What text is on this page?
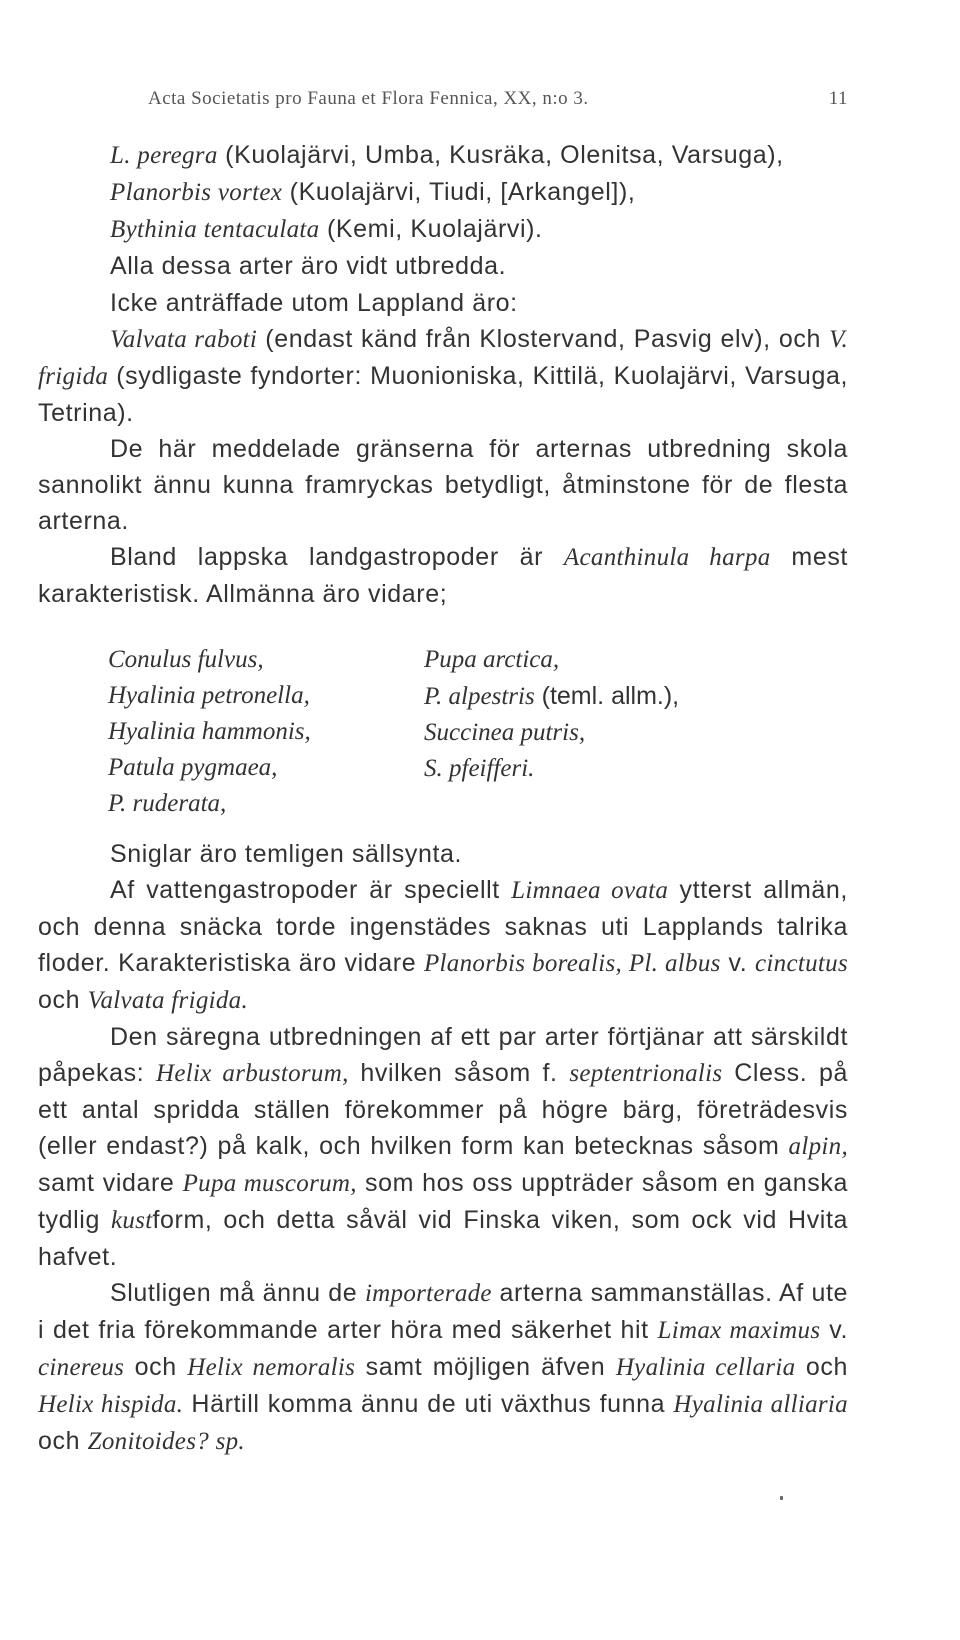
Acta Societatis pro Fauna et Flora Fennica, XX, n:o 3.	11

L. peregra (Kuolajärvi, Umba, Kusräka, Olenitsa, Varsuga),

Planorbis vortex (Kuolajärvi, Tiudi, [Arkangel]),

Bythinia tentaculata (Kemi, Kuolajärvi).

Alla dessa arter äro vidt utbredda.

Icke anträffade utom Lappland äro:

Valvata raboti (endast känd från Klostervand, Pasvig elv), och V. frigida (sydligaste fyndorter: Muonioniska, Kittilä, Kuolajärvi, Varsuga, Tetrina).

De här meddelade gränserna för arternas utbredning skola sannolikt ännu kunna framryckas betydligt, åtminstone för de flesta arterna.

Bland lappska landgastropoder är Acanthinula harpa mest karakteristisk. Allmänna äro vidare;

Conulus fulvus,
Hyalinia petronella,
Hyalinia hammonis,
Patula pygmaea,
P. ruderata,
Pupa arctica,
P. alpestris (teml. allm.),
Succinea putris,
S. pfeifferi.

Sniglar äro temligen sällsynta.

Af vattengastropoder är speciellt Limnaea ovata ytterst allmän, och denna snäcka torde ingenstädes saknas uti Lapplands talrika floder. Karakteristiska äro vidare Planorbis borealis, Pl. albus v. cinctutus och Valvata frigida.

Den säregna utbredningen af ett par arter förtjänar att särskildt påpekas: Helix arbustorum, hvilken såsom f. septentrionalis Cless. på ett antal spridda ställen förekommer på högre bärg, företrädesvis (eller endast?) på kalk, och hvilken form kan betecknas såsom alpin, samt vidare Pupa muscorum, som hos oss uppträder såsom en ganska tydlig kustform, och detta såväl vid Finska viken, som ock vid Hvita hafvet.

Slutligen må ännu de importerade arterna sammanställas. Af ute i det fria förekommande arter höra med säkerhet hit Limax maximus v. cinereus och Helix nemoralis samt möjligen äfven Hyalinia cellaria och Helix hispida. Härtill komma ännu de uti växthus funna Hyalinia alliaria och Zonitoides? sp.
